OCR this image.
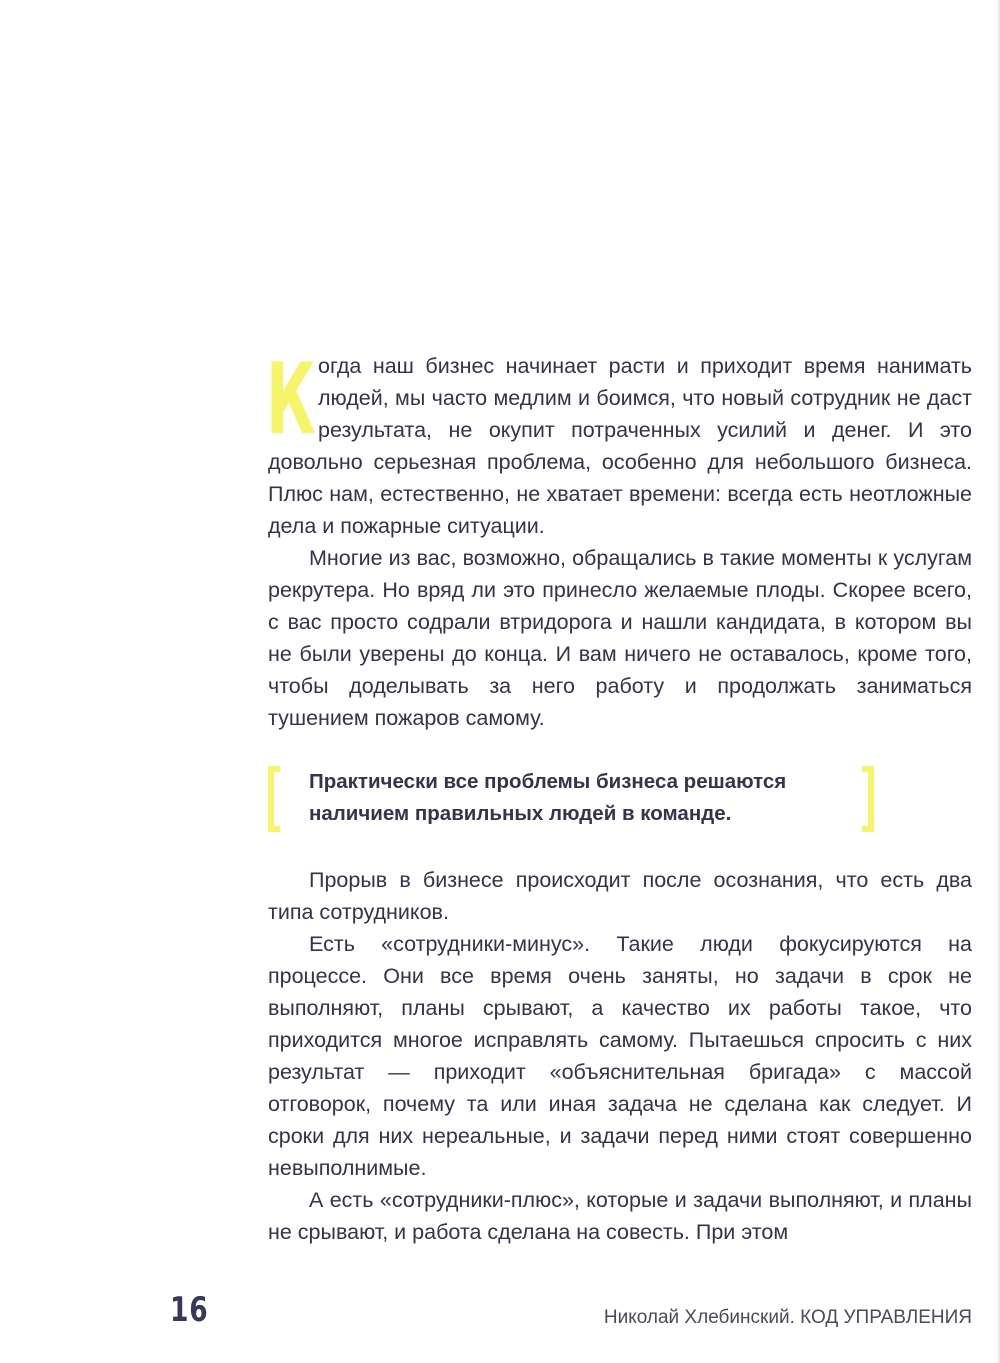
Когда наш бизнес начинает расти и приходит время нанимать людей, мы часто медлим и боимся, что новый сотрудник не даст результата, не окупит потраченных усилий и денег. И это довольно серьезная проблема, особенно для небольшого бизнеса. Плюс нам, естественно, не хватает времени: всегда есть неотложные дела и пожарные ситуации.

Многие из вас, возможно, обращались в такие моменты к услугам рекрутера. Но вряд ли это принесло желаемые плоды. Скорее всего, с вас просто содрали втридорога и нашли кандидата, в котором вы не были уверены до конца. И вам ничего не оставалось, кроме того, чтобы доделывать за него работу и продолжать заниматься тушением пожаров самому.

Практически все проблемы бизнеса решаются наличием правильных людей в команде.

Прорыв в бизнесе происходит после осознания, что есть два типа сотрудников.

Есть «сотрудники-минус». Такие люди фокусируются на процессе. Они все время очень заняты, но задачи в срок не выполняют, планы срывают, а качество их работы такое, что приходится многое исправлять самому. Пытаешься спросить с них результат — приходит «объяснительная бригада» с массой отговорок, почему та или иная задача не сделана как следует. И сроки для них нереальные, и задачи перед ними стоят совершенно невыполнимые.

А есть «сотрудники-плюс», которые и задачи выполняют, и планы не срывают, и работа сделана на совесть. При этом

16	Николай Хлебинский. КОД УПРАВЛЕНИЯ
